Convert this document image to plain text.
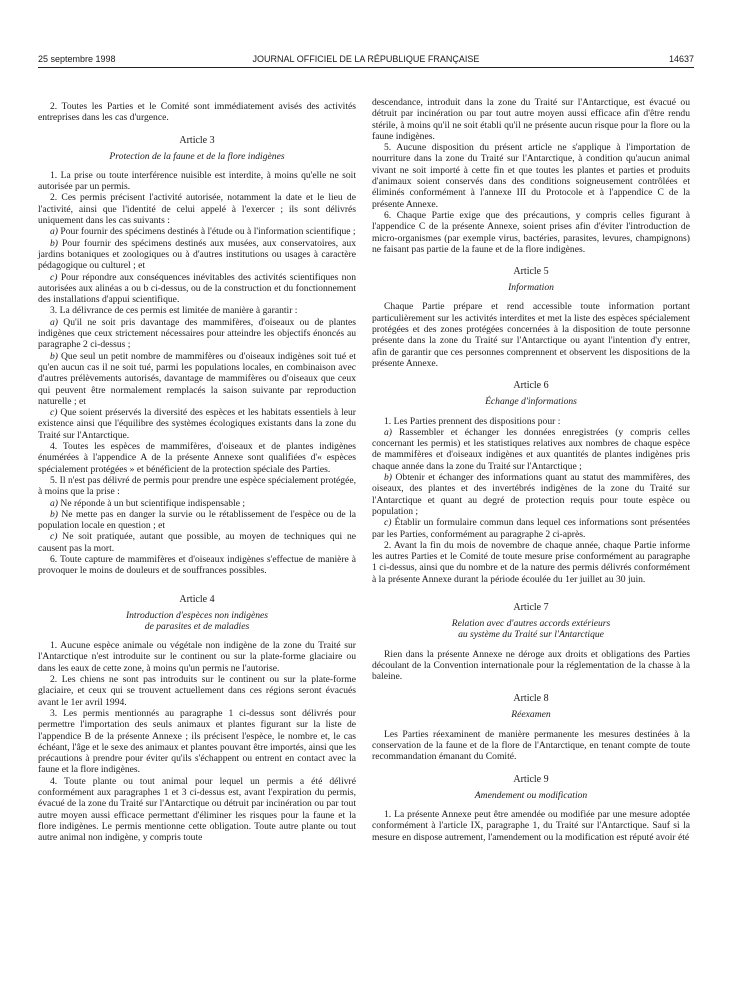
25 septembre 1998	JOURNAL OFFICIEL DE LA RÉPUBLIQUE FRANÇAISE	14637

2. Toutes les Parties et le Comité sont immédiatement avisés des activités entreprises dans les cas d'urgence.

Article 3
Protection de la faune et de la flore indigènes

1. La prise ou toute interférence nuisible est interdite, à moins qu'elle ne soit autorisée par un permis.

2. Ces permis précisent l'activité autorisée, notamment la date et le lieu de l'activité, ainsi que l'identité de celui appelé à l'exercer ; ils sont délivrés uniquement dans les cas suivants :

a) Pour fournir des spécimens destinés à l'étude ou à l'information scientifique ;

b) Pour fournir des spécimens destinés aux musées, aux conservatoires, aux jardins botaniques et zoologiques ou à d'autres institutions ou usages à caractère pédagogique ou culturel ; et

c) Pour répondre aux conséquences inévitables des activités scientifiques non autorisées aux alinéas a ou b ci-dessus, ou de la construction et du fonctionnement des installations d'appui scientifique.

3. La délivrance de ces permis est limitée de manière à garantir :

a) Qu'il ne soit pris davantage des mammifères, d'oiseaux ou de plantes indigènes que ceux strictement nécessaires pour atteindre les objectifs énoncés au paragraphe 2 ci-dessus ;

b) Que seul un petit nombre de mammifères ou d'oiseaux indigènes soit tué et qu'en aucun cas il ne soit tué, parmi les populations locales, en combinaison avec d'autres prélèvements autorisés, davantage de mammifères ou d'oiseaux que ceux qui peuvent être normalement remplacés la saison suivante par reproduction naturelle ; et

c) Que soient préservés la diversité des espèces et les habitats essentiels à leur existence ainsi que l'équilibre des systèmes écologiques existants dans la zone du Traité sur l'Antarctique.

4. Toutes les espèces de mammifères, d'oiseaux et de plantes indigènes énumérées à l'appendice A de la présente Annexe sont qualifiées d'« espèces spécialement protégées » et bénéficient de la protection spéciale des Parties.

5. Il n'est pas délivré de permis pour prendre une espèce spécialement protégée, à moins que la prise :

a) Ne réponde à un but scientifique indispensable ;

b) Ne mette pas en danger la survie ou le rétablissement de l'espèce ou de la population locale en question ; et

c) Ne soit pratiquée, autant que possible, au moyen de techniques qui ne causent pas la mort.

6. Toute capture de mammifères et d'oiseaux indigènes s'effectue de manière à provoquer le moins de douleurs et de souffrances possibles.

Article 4
Introduction d'espèces non indigènes
de parasites et de maladies

1. Aucune espèce animale ou végétale non indigène de la zone du Traité sur l'Antarctique n'est introduite sur le continent ou sur la plate-forme glaciaire ou dans les eaux de cette zone, à moins qu'un permis ne l'autorise.

2. Les chiens ne sont pas introduits sur le continent ou sur la plate-forme glaciaire, et ceux qui se trouvent actuellement dans ces régions seront évacués avant le 1er avril 1994.

3. Les permis mentionnés au paragraphe 1 ci-dessus sont délivrés pour permettre l'importation des seuls animaux et plantes figurant sur la liste de l'appendice B de la présente Annexe ; ils précisent l'espèce, le nombre et, le cas échéant, l'âge et le sexe des animaux et plantes pouvant être importés, ainsi que les précautions à prendre pour éviter qu'ils s'échappent ou entrent en contact avec la faune et la flore indigènes.

4. Toute plante ou tout animal pour lequel un permis a été délivré conformément aux paragraphes 1 et 3 ci-dessus est, avant l'expiration du permis, évacué de la zone du Traité sur l'Antarctique ou détruit par incinération ou par tout autre moyen aussi efficace permettant d'éliminer les risques pour la faune et la flore indigènes. Le permis mentionne cette obligation. Toute autre plante ou tout autre animal non indigène, y compris toute

descendance, introduit dans la zone du Traité sur l'Antarctique, est évacué ou détruit par incinération ou par tout autre moyen aussi efficace afin d'être rendu stérile, à moins qu'il ne soit établi qu'il ne présente aucun risque pour la flore ou la faune indigènes.

5. Aucune disposition du présent article ne s'applique à l'importation de nourriture dans la zone du Traité sur l'Antarctique, à condition qu'aucun animal vivant ne soit importé à cette fin et que toutes les plantes et parties et produits d'animaux soient conservés dans des conditions soigneusement contrôlées et éliminés conformément à l'annexe III du Protocole et à l'appendice C de la présente Annexe.

6. Chaque Partie exige que des précautions, y compris celles figurant à l'appendice C de la présente Annexe, soient prises afin d'éviter l'introduction de micro-organismes (par exemple virus, bactéries, parasites, levures, champignons) ne faisant pas partie de la faune et de la flore indigènes.

Article 5
Information

Chaque Partie prépare et rend accessible toute information portant particulièrement sur les activités interdites et met la liste des espèces spécialement protégées et des zones protégées concernées à la disposition de toute personne présente dans la zone du Traité sur l'Antarctique ou ayant l'intention d'y entrer, afin de garantir que ces personnes comprennent et observent les dispositions de la présente Annexe.

Article 6
Échange d'informations

1. Les Parties prennent des dispositions pour :

a) Rassembler et échanger les données enregistrées (y compris celles concernant les permis) et les statistiques relatives aux nombres de chaque espèce de mammifères et d'oiseaux indigènes et aux quantités de plantes indigènes pris chaque année dans la zone du Traité sur l'Antarctique ;

b) Obtenir et échanger des informations quant au statut des mammifères, des oiseaux, des plantes et des invertébrés indigènes de la zone du Traité sur l'Antarctique et quant au degré de protection requis pour toute espèce ou population ;

c) Établir un formulaire commun dans lequel ces informations sont présentées par les Parties, conformément au paragraphe 2 ci-après.

2. Avant la fin du mois de novembre de chaque année, chaque Partie informe les autres Parties et le Comité de toute mesure prise conformément au paragraphe 1 ci-dessus, ainsi que du nombre et de la nature des permis délivrés conformément à la présente Annexe durant la période écoulée du 1er juillet au 30 juin.

Article 7
Relation avec d'autres accords extérieurs
au système du Traité sur l'Antarctique

Rien dans la présente Annexe ne déroge aux droits et obligations des Parties découlant de la Convention internationale pour la réglementation de la chasse à la baleine.

Article 8
Réexamen

Les Parties réexaminent de manière permanente les mesures destinées à la conservation de la faune et de la flore de l'Antarctique, en tenant compte de toute recommandation émanant du Comité.

Article 9
Amendement ou modification

1. La présente Annexe peut être amendée ou modifiée par une mesure adoptée conformément à l'article IX, paragraphe 1, du Traité sur l'Antarctique. Sauf si la mesure en dispose autrement, l'amendement ou la modification est réputé avoir été
